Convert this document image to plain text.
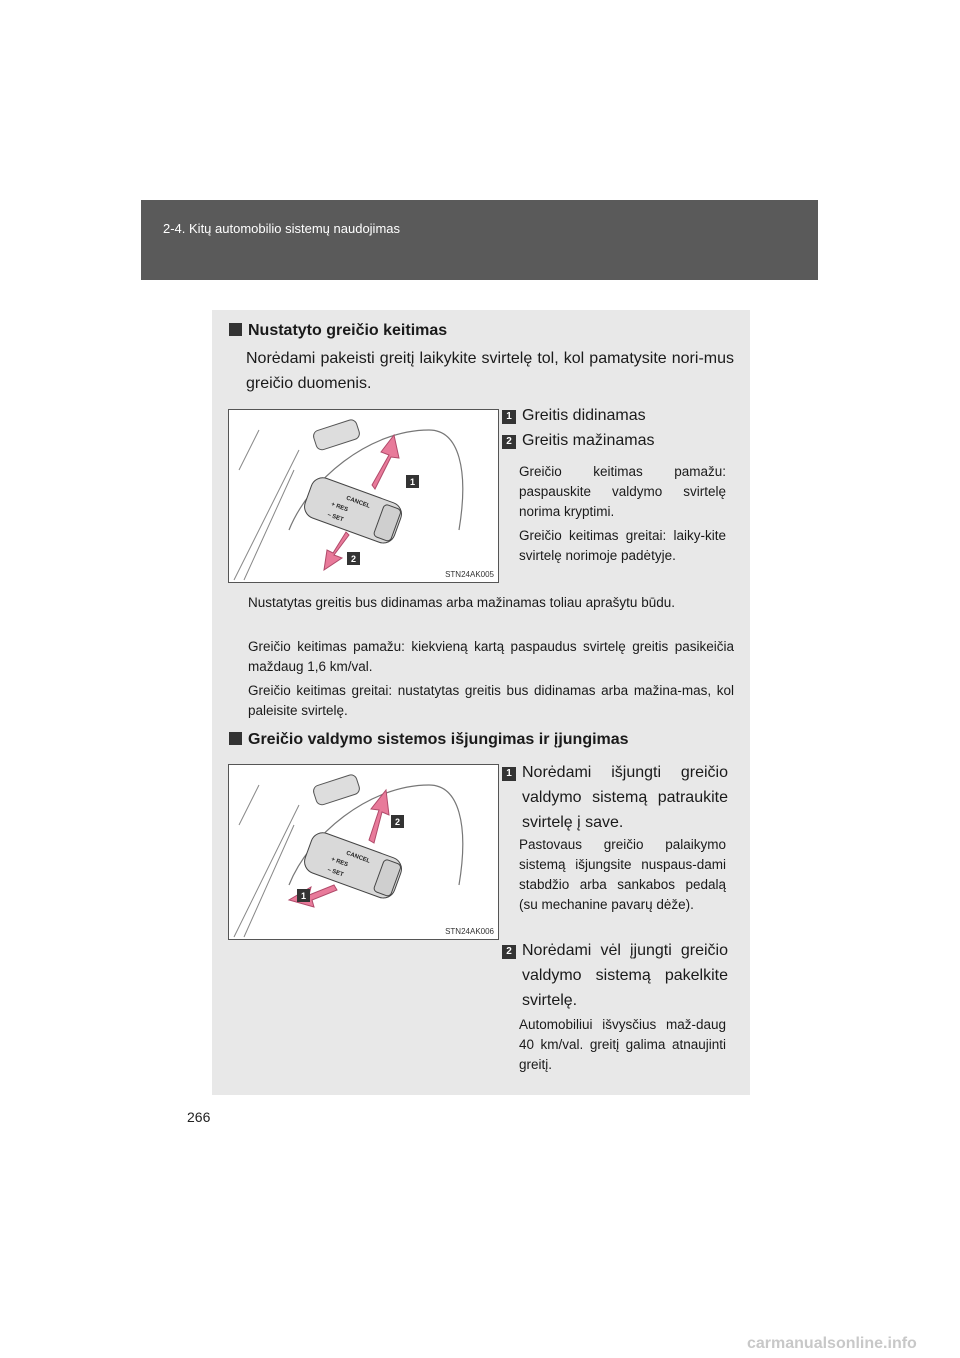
2-4. Kitų automobilio sistemų naudojimas
Nustatyto greičio keitimas
Norėdami pakeisti greitį laikykite svirtelę tol, kol pamatysite nori-mus greičio duomenis.
CANCEL
+ RES
– SET
1
2
STN24AK005
1 Greitis didinamas
2 Greitis mažinamas
Greičio keitimas pamažu: paspauskite valdymo svirtelę norima kryptimi.
Greičio keitimas greitai: laiky-kite svirtelę norimoje padėtyje.
Nustatytas greitis bus didinamas arba mažinamas toliau aprašytu būdu.
Greičio keitimas pamažu: kiekvieną kartą paspaudus svirtelę greitis pasikeičia maždaug 1,6 km/val.
Greičio keitimas greitai: nustatytas greitis bus didinamas arba mažina-mas, kol paleisite svirtelę.
Greičio valdymo sistemos išjungimas ir įjungimas
CANCEL
+ RES
– SET
2
1
STN24AK006
1 Norėdami išjungti greičio valdymo sistemą patraukite svirtelę į save.
Pastovaus greičio palaikymo sistemą išjungsite nuspaus-dami stabdžio arba sankabos pedalą (su mechanine pavarų dėže).
2 Norėdami vėl įjungti greičio valdymo sistemą pakelkite svirtelę.
Automobiliui išvysčius maž-daug 40 km/val. greitį galima atnaujinti greitį.
266
carmanualsonline.info
